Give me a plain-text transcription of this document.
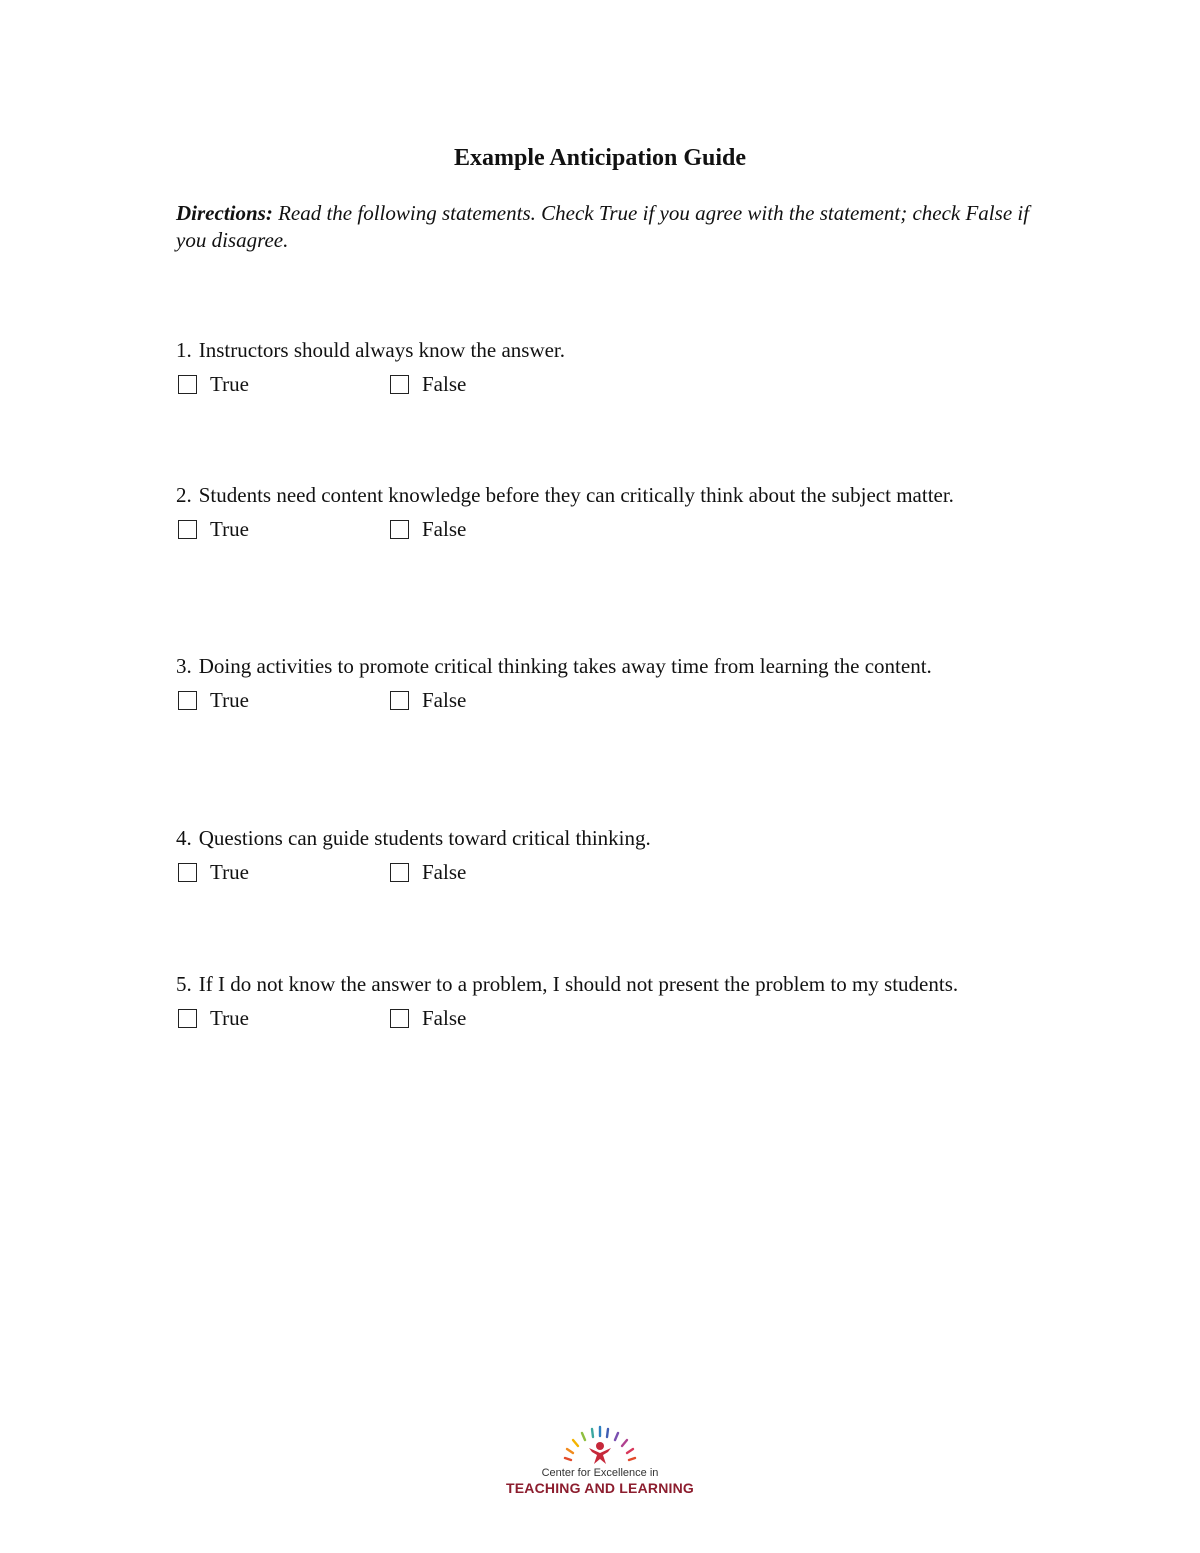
Example Anticipation Guide
Directions: Read the following statements. Check True if you agree with the statement; check False if you disagree.
1. Instructors should always know the answer.
True	False
2. Students need content knowledge before they can critically think about the subject matter.
True	False
3. Doing activities to promote critical thinking takes away time from learning the content.
True	False
4. Questions can guide students toward critical thinking.
True	False
5. If I do not know the answer to a problem, I should not present the problem to my students.
True	False
Center for Excellence in
TEACHING AND LEARNING
